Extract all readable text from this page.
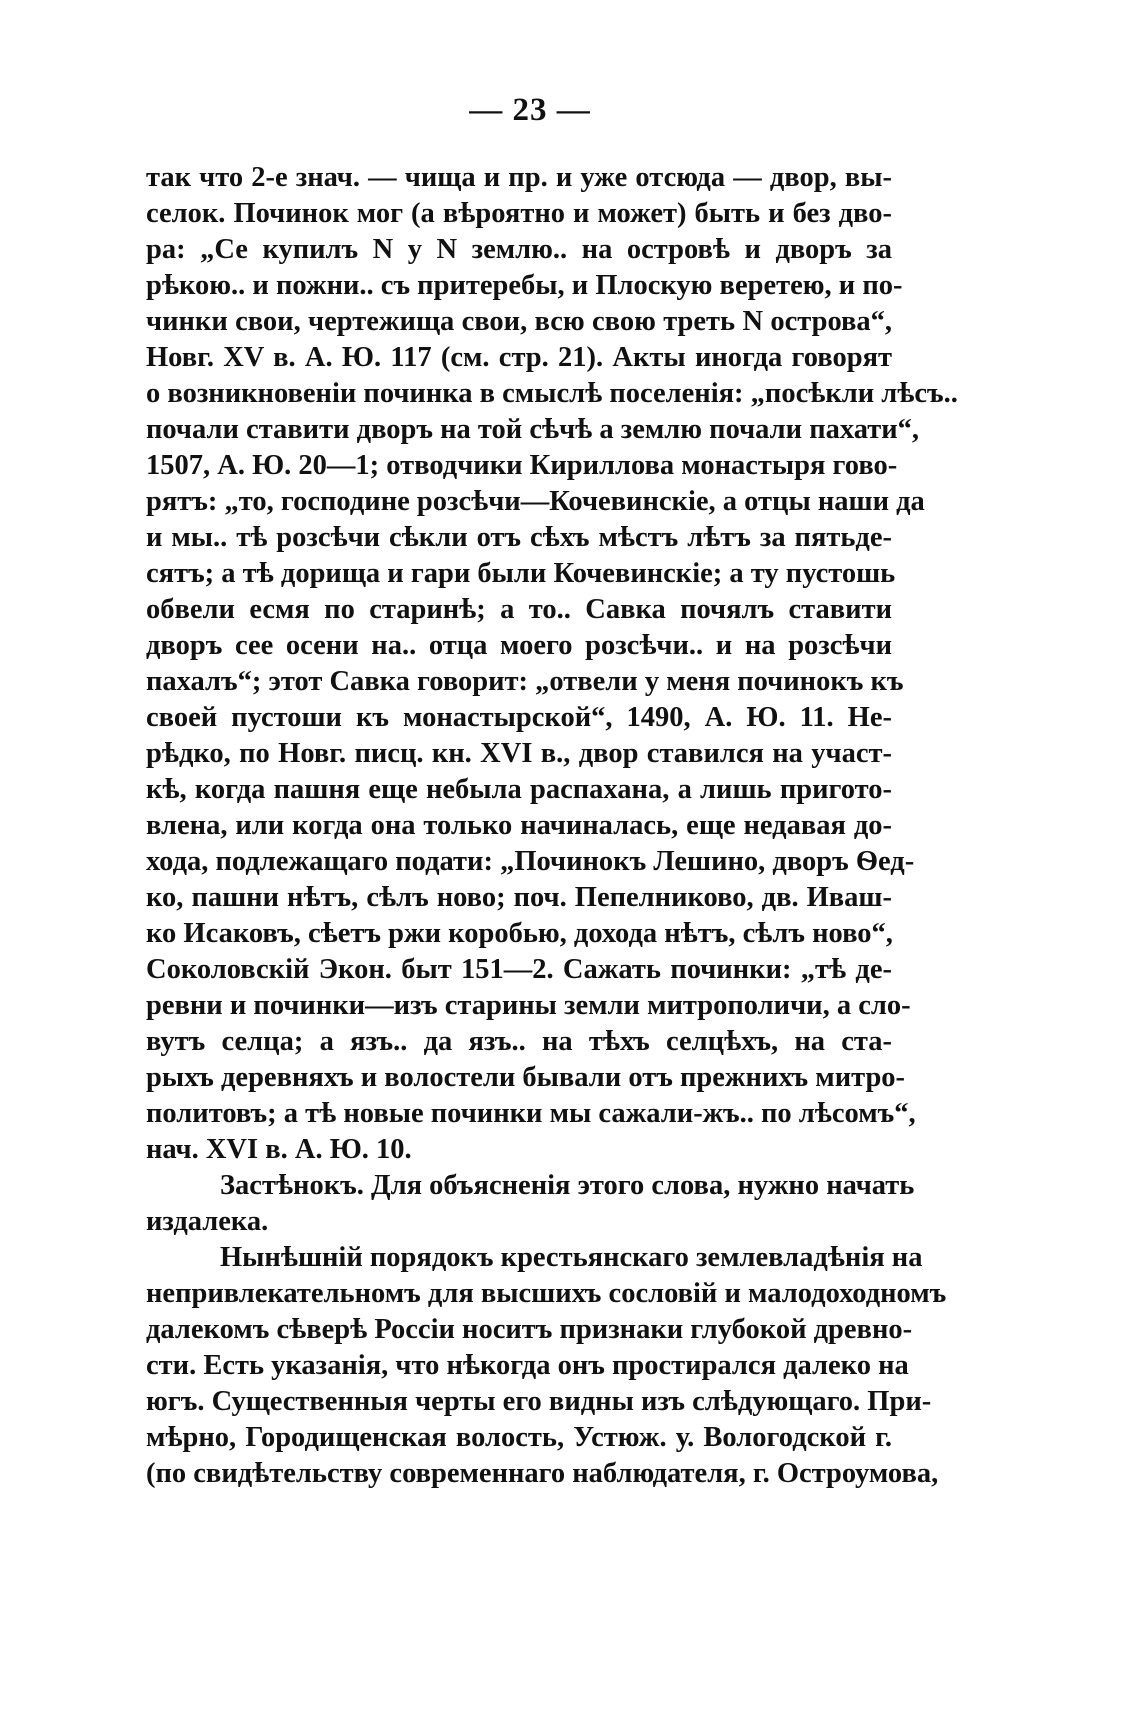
— 23 —
так что 2-е знач. — чища и пр. и уже отсюда — двор, вы-
селок. Починок мог (а вѣроятно и может) быть и без дво-
ра: „Се купилъ N у N землю.. на островѣ и дворъ за
рѣкою.. и пожни.. съ притеребы, и Плоскую веретею, и по-
чинки свои, чертежища свои, всю свою треть N острова“,
Новг. XV в. А. Ю. 117 (см. стр. 21). Акты иногда говорят
о возникновеніи починка в смыслѣ поселенія: „посѣкли лѣсъ..
почали ставити дворъ на той сѣчѣ а землю почали пахати“,
1507, А. Ю. 20—1; отводчики Кириллова монастыря гово-
рятъ: „то, господине розсѣчи—Кочевинскіе, а отцы наши да
и мы.. тѣ розсѣчи сѣкли отъ сѣхъ мѣстъ лѣтъ за пятьде-
сятъ; а тѣ дорища и гари были Кочевинскіе; а ту пустошь
обвели есмя по старинѣ; а то.. Савка почялъ ставити
дворъ сее осени на.. отца моего розсѣчи.. и на розсѣчи
пахалъ“; этот Савка говорит: „отвели у меня починокъ къ
своей пустоши къ монастырской“, 1490, А. Ю. 11. Не-
рѣдко, по Новг. писц. кн. XVI в., двор ставился на участ-
кѣ, когда пашня еще небыла распахана, а лишь пригото-
влена, или когда она только начиналась, еще недавая до-
хода, подлежащаго подати: „Починокъ Лешино, дворъ Ѳед-
ко, пашни нѣтъ, сѣлъ ново; поч. Пепелниково, дв. Иваш-
ко Исаковъ, сѣетъ ржи коробью, дохода нѣтъ, сѣлъ ново“,
Соколовскій Экон. быт 151—2. Сажать починки: „тѣ де-
ревни и починки—изъ старины земли митрополичи, а сло-
вутъ селца; а язъ.. да язъ.. на тѣхъ селцѣхъ, на ста-
рыхъ деревняхъ и волостели бывали отъ прежнихъ митро-
политовъ; а тѣ новые починки мы сажали-жъ.. по лѣсомъ“,
нач. XVI в. А. Ю. 10.
Застѣнокъ. Для объясненія этого слова, нужно начать
издалека.
Нынѣшній порядокъ крестьянскаго землевладѣнія на
непривлекательномъ для высшихъ сословій и малодоходномъ
далекомъ сѣверѣ Россіи носитъ признаки глубокой древно-
сти. Есть указанія, что нѣкогда онъ простирался далеко на
югъ. Существенныя черты его видны изъ слѣдующаго. При-
мѣрно, Городищенская волость, Устюж. у. Вологодской г.
(по свидѣтельству современнаго наблюдателя, г. Остроумова,
